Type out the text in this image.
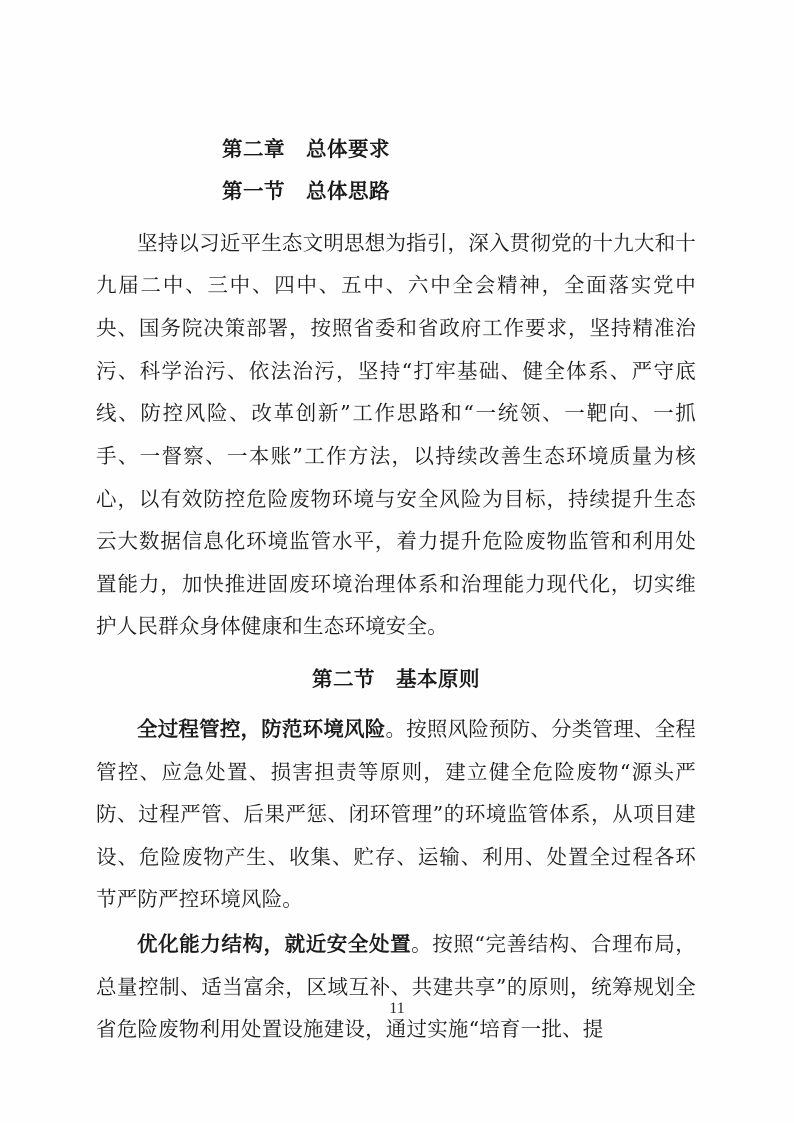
第二章　总体要求
第一节　总体思路

坚持以习近平生态文明思想为指引，深入贯彻党的十九大和十九届二中、三中、四中、五中、六中全会精神，全面落实党中央、国务院决策部署，按照省委和省政府工作要求，坚持精准治污、科学治污、依法治污，坚持“打牢基础、健全体系、严守底线、防控风险、改革创新”工作思路和“一统领、一靶向、一抓手、一督察、一本账”工作方法，以持续改善生态环境质量为核心，以有效防控危险废物环境与安全风险为目标，持续提升生态云大数据信息化环境监管水平，着力提升危险废物监管和利用处置能力，加快推进固废环境治理体系和治理能力现代化，切实维护人民群众身体健康和生态环境安全。

第二节　基本原则

全过程管控，防范环境风险。按照风险预防、分类管理、全程管控、应急处置、损害担责等原则，建立健全危险废物“源头严防、过程严管、后果严惩、闭环管理”的环境监管体系，从项目建设、危险废物产生、收集、贮存、运输、利用、处置全过程各环节严防严控环境风险。

优化能力结构，就近安全处置。按照“完善结构、合理布局，总量控制、适当富余，区域互补、共建共享”的原则，统筹规划全省危险废物利用处置设施建设，通过实施“培育一批、提

11
